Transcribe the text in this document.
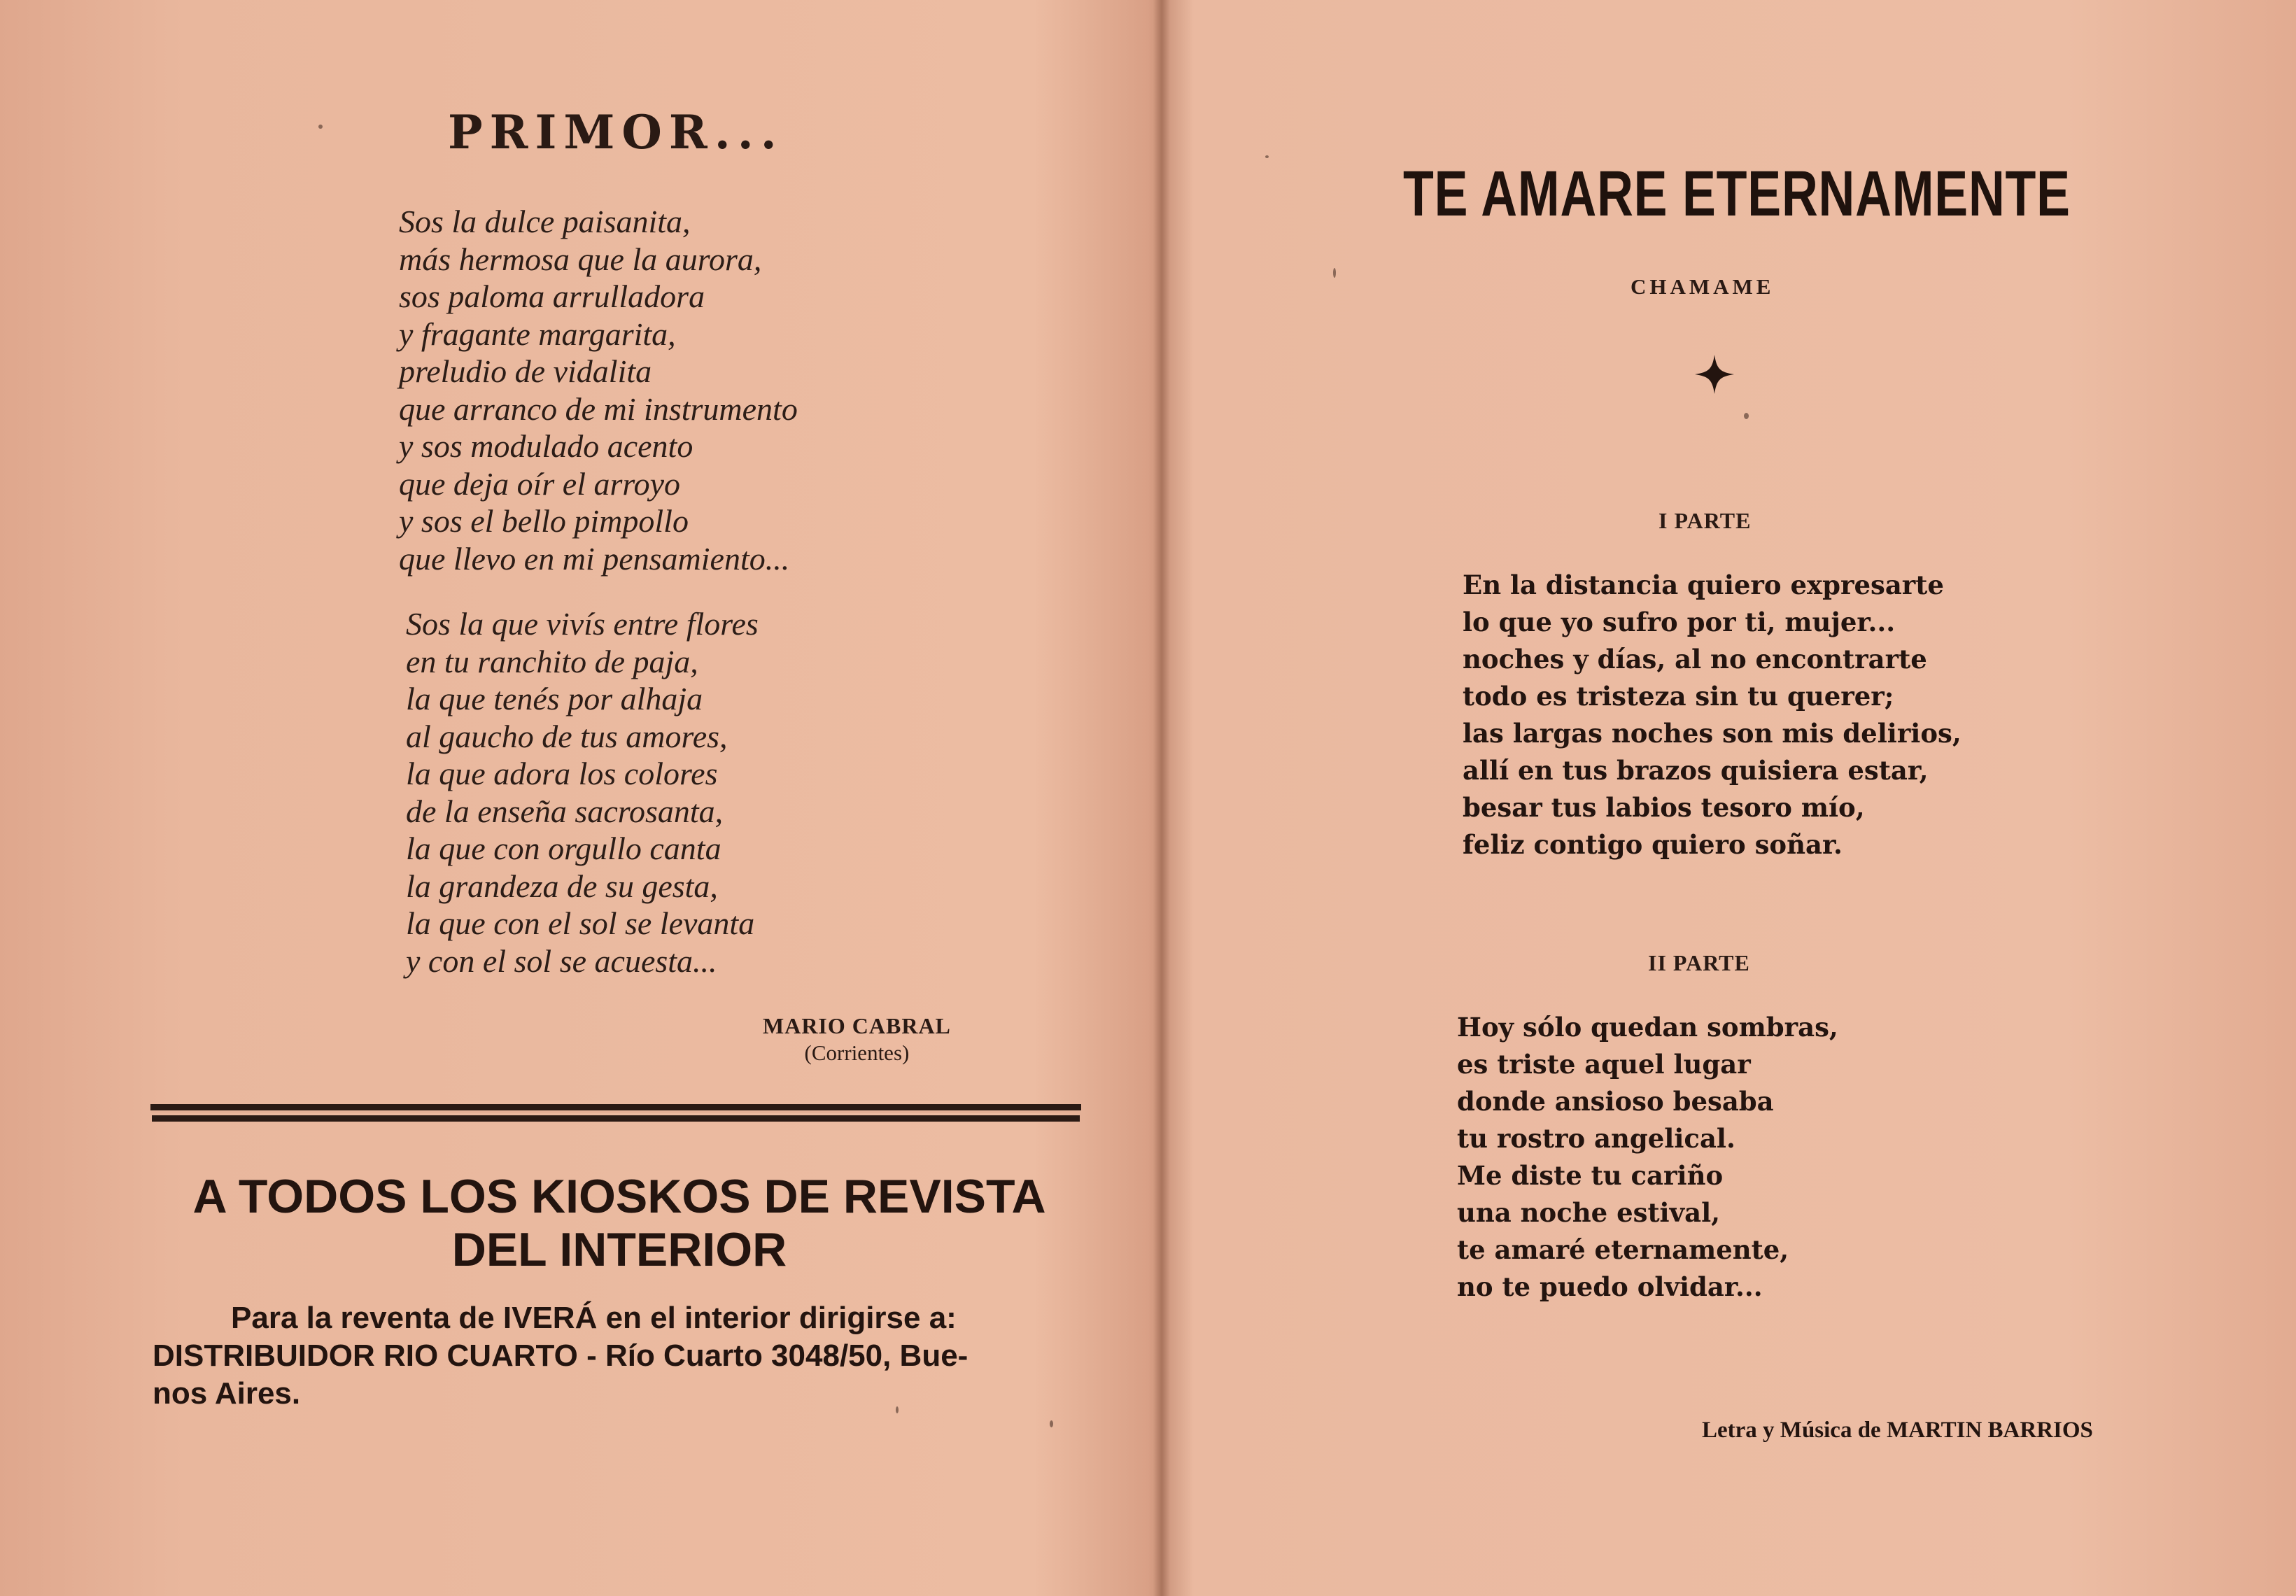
PRIMOR...
Sos la dulce paisanita,
más hermosa que la aurora,
sos paloma arrulladora
y fragante margarita,
preludio de vidalita
que arranco de mi instrumento
y sos modulado acento
que deja oír el arroyo
y sos el bello pimpollo
que llevo en mi pensamiento...
Sos la que vivís entre flores
en tu ranchito de paja,
la que tenés por alhaja
al gaucho de tus amores,
la que adora los colores
de la enseña sacrosanta,
la que con orgullo canta
la grandeza de su gesta,
la que con el sol se levanta
y con el sol se acuesta...
MARIO CABRAL
(Corrientes)
A TODOS LOS KIOSKOS DE REVISTA
DEL INTERIOR

Para la reventa de IVERÁ en el interior dirigirse a:
DISTRIBUIDOR RIO CUARTO - Río Cuarto 3048/50, Bue-
nos Aires.

TE AMARE ETERNAMENTE
CHAMAME
I PARTE
En la distancia quiero expresarte
lo que yo sufro por ti, mujer...
noches y días, al no encontrarte
todo es tristeza sin tu querer;
las largas noches son mis delirios,
allí en tus brazos quisiera estar,
besar tus labios tesoro mío,
feliz contigo quiero soñar.
II PARTE
Hoy sólo quedan sombras,
es triste aquel lugar
donde ansioso besaba
tu rostro angelical.
Me diste tu cariño
una noche estival,
te amaré eternamente,
no te puedo olvidar...
Letra y Música de MARTIN BARRIOS
